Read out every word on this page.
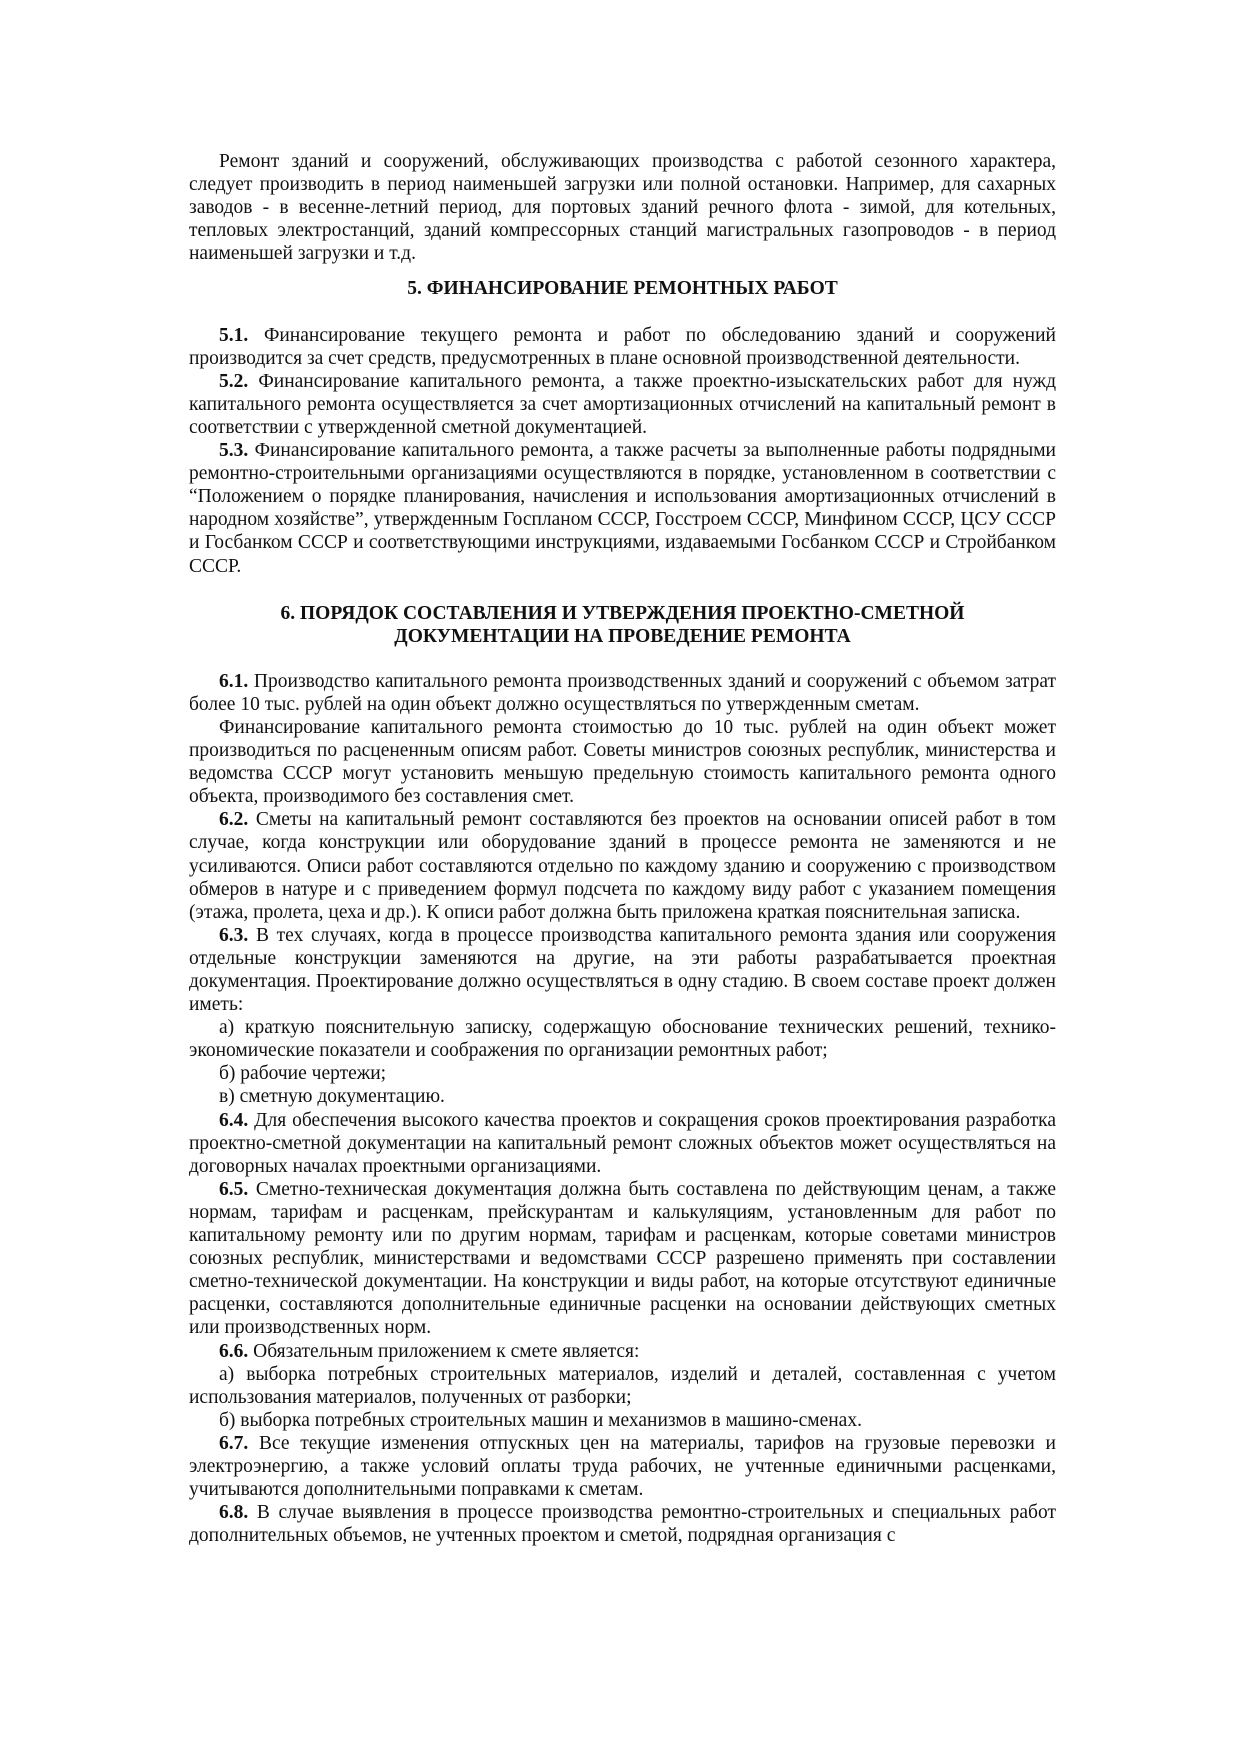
Ремонт зданий и сооружений, обслуживающих производства с работой сезонного характера, следует производить в период наименьшей загрузки или полной остановки. Например, для сахарных заводов - в весенне-летний период, для портовых зданий речного флота - зимой, для котельных, тепловых электростанций, зданий компрессорных станций магистральных газопроводов - в период наименьшей загрузки и т.д.

5. ФИНАНСИРОВАНИЕ РЕМОНТНЫХ РАБОТ

5.1. Финансирование текущего ремонта и работ по обследованию зданий и сооружений производится за счет средств, предусмотренных в плане основной производственной деятельности.

5.2. Финансирование капитального ремонта, а также проектно-изыскательских работ для нужд капитального ремонта осуществляется за счет амортизационных отчислений на капитальный ремонт в соответствии с утвержденной сметной документацией.

5.3. Финансирование капитального ремонта, а также расчеты за выполненные работы подрядными ремонтно-строительными организациями осуществляются в порядке, установленном в соответствии с “Положением о порядке планирования, начисления и использования амортизационных отчислений в народном хозяйстве”, утвержденным Госпланом СССР, Госстроем СССР, Минфином СССР, ЦСУ СССР и Госбанком СССР и соответствующими инструкциями, издаваемыми Госбанком СССР и Стройбанком СССР.

6. ПОРЯДОК СОСТАВЛЕНИЯ И УТВЕРЖДЕНИЯ ПРОЕКТНО-СМЕТНОЙ
ДОКУМЕНТАЦИИ НА ПРОВЕДЕНИЕ РЕМОНТА

6.1. Производство капитального ремонта производственных зданий и сооружений с объемом затрат более 10 тыс. рублей на один объект должно осуществляться по утвержденным сметам.

Финансирование капитального ремонта стоимостью до 10 тыс. рублей на один объект может производиться по расцененным описям работ. Советы министров союзных республик, министерства и ведомства СССР могут установить меньшую предельную стоимость капитального ремонта одного объекта, производимого без составления смет.

6.2. Сметы на капитальный ремонт составляются без проектов на основании описей работ в том случае, когда конструкции или оборудование зданий в процессе ремонта не заменяются и не усиливаются. Описи работ составляются отдельно по каждому зданию и сооружению с производством обмеров в натуре и с приведением формул подсчета по каждому виду работ с указанием помещения (этажа, пролета, цеха и др.). К описи работ должна быть приложена краткая пояснительная записка.

6.3. В тех случаях, когда в процессе производства капитального ремонта здания или сооружения отдельные конструкции заменяются на другие, на эти работы разрабатывается проектная документация. Проектирование должно осуществляться в одну стадию. В своем составе проект должен иметь:

а) краткую пояснительную записку, содержащую обоснование технических решений, технико-экономические показатели и соображения по организации ремонтных работ;

б) рабочие чертежи;

в) сметную документацию.

6.4. Для обеспечения высокого качества проектов и сокращения сроков проектирования разработка проектно-сметной документации на капитальный ремонт сложных объектов может осуществляться на договорных началах проектными организациями.

6.5. Сметно-техническая документация должна быть составлена по действующим ценам, а также нормам, тарифам и расценкам, прейскурантам и калькуляциям, установленным для работ по капитальному ремонту или по другим нормам, тарифам и расценкам, которые советами министров союзных республик, министерствами и ведомствами СССР разрешено применять при составлении сметно-технической документации. На конструкции и виды работ, на которые отсутствуют единичные расценки, составляются дополнительные единичные расценки на основании действующих сметных или производственных норм.

6.6. Обязательным приложением к смете является:

а) выборка потребных строительных материалов, изделий и деталей, составленная с учетом использования материалов, полученных от разборки;

б) выборка потребных строительных машин и механизмов в машино-сменах.

6.7. Все текущие изменения отпускных цен на материалы, тарифов на грузовые перевозки и электроэнергию, а также условий оплаты труда рабочих, не учтенные единичными расценками, учитываются дополнительными поправками к сметам.

6.8. В случае выявления в процессе производства ремонтно-строительных и специальных работ дополнительных объемов, не учтенных проектом и сметой, подрядная организация с
